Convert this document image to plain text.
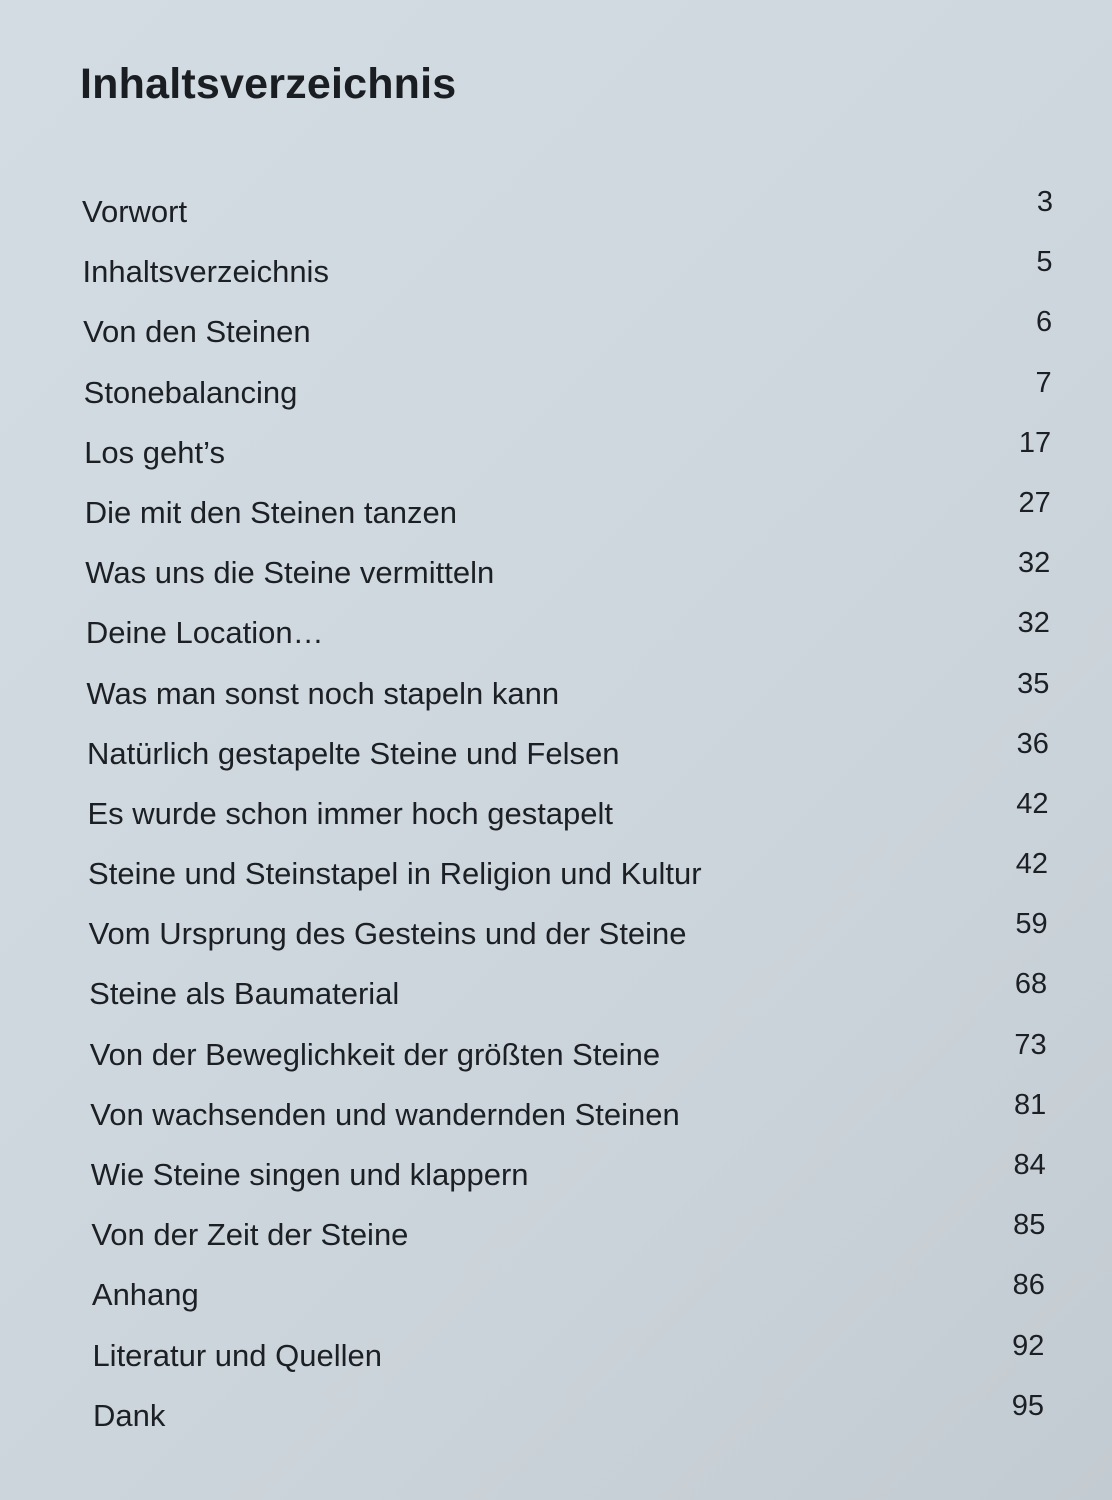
Inhaltsverzeichnis
Vorwort	3
Inhaltsverzeichnis	5
Von den Steinen	6
Stonebalancing	7
Los geht’s	17
Die mit den Steinen tanzen	27
Was uns die Steine vermitteln	32
Deine Location…	32
Was man sonst noch stapeln kann	35
Natürlich gestapelte Steine und Felsen	36
Es wurde schon immer hoch gestapelt	42
Steine und Steinstapel in Religion und Kultur	42
Vom Ursprung des Gesteins und der Steine	59
Steine als Baumaterial	68
Von der Beweglichkeit der größten Steine	73
Von wachsenden und wandernden Steinen	81
Wie Steine singen und klappern	84
Von der Zeit der Steine	85
Anhang	86
Literatur und Quellen	92
Dank	95
